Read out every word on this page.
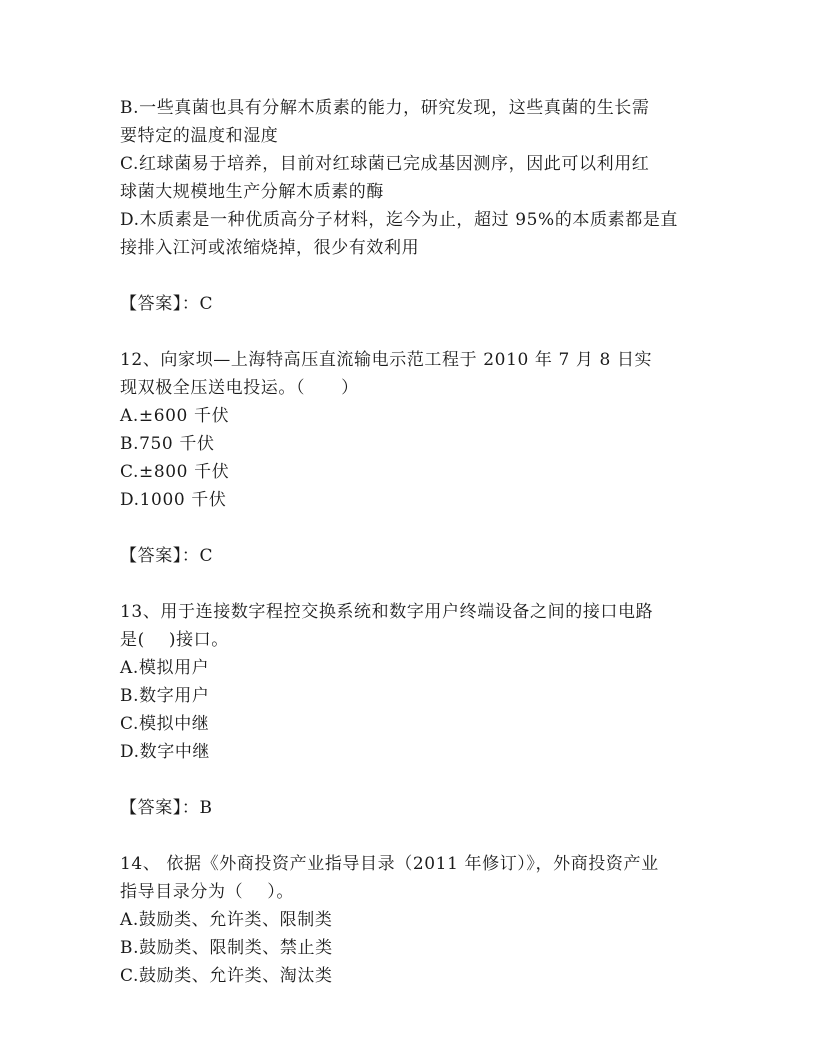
B.一些真菌也具有分解木质素的能力，研究发现，这些真菌的生长需
要特定的温度和湿度
C.红球菌易于培养，目前对红球菌已完成基因测序，因此可以利用红
球菌大规模地生产分解木质素的酶
D.木质素是一种优质高分子材料，迄今为止，超过 95%的本质素都是直
接排入江河或浓缩烧掉，很少有效利用
【答案】：C
12、向家坝—上海特高压直流输电示范工程于 2010 年 7 月 8 日实
现双极全压送电投运。（      ）
A.±600 千伏
B.750 千伏
C.±800 千伏
D.1000 千伏
【答案】：C
13、用于连接数字程控交换系统和数字用户终端设备之间的接口电路
是(    )接口。
A.模拟用户
B.数字用户
C.模拟中继
D.数字中继
【答案】：B
14、 依据《外商投资产业指导目录（2011 年修订）》，外商投资产业
指导目录分为（    ）。
A.鼓励类、允许类、限制类
B.鼓励类、限制类、禁止类
C.鼓励类、允许类、淘汰类
